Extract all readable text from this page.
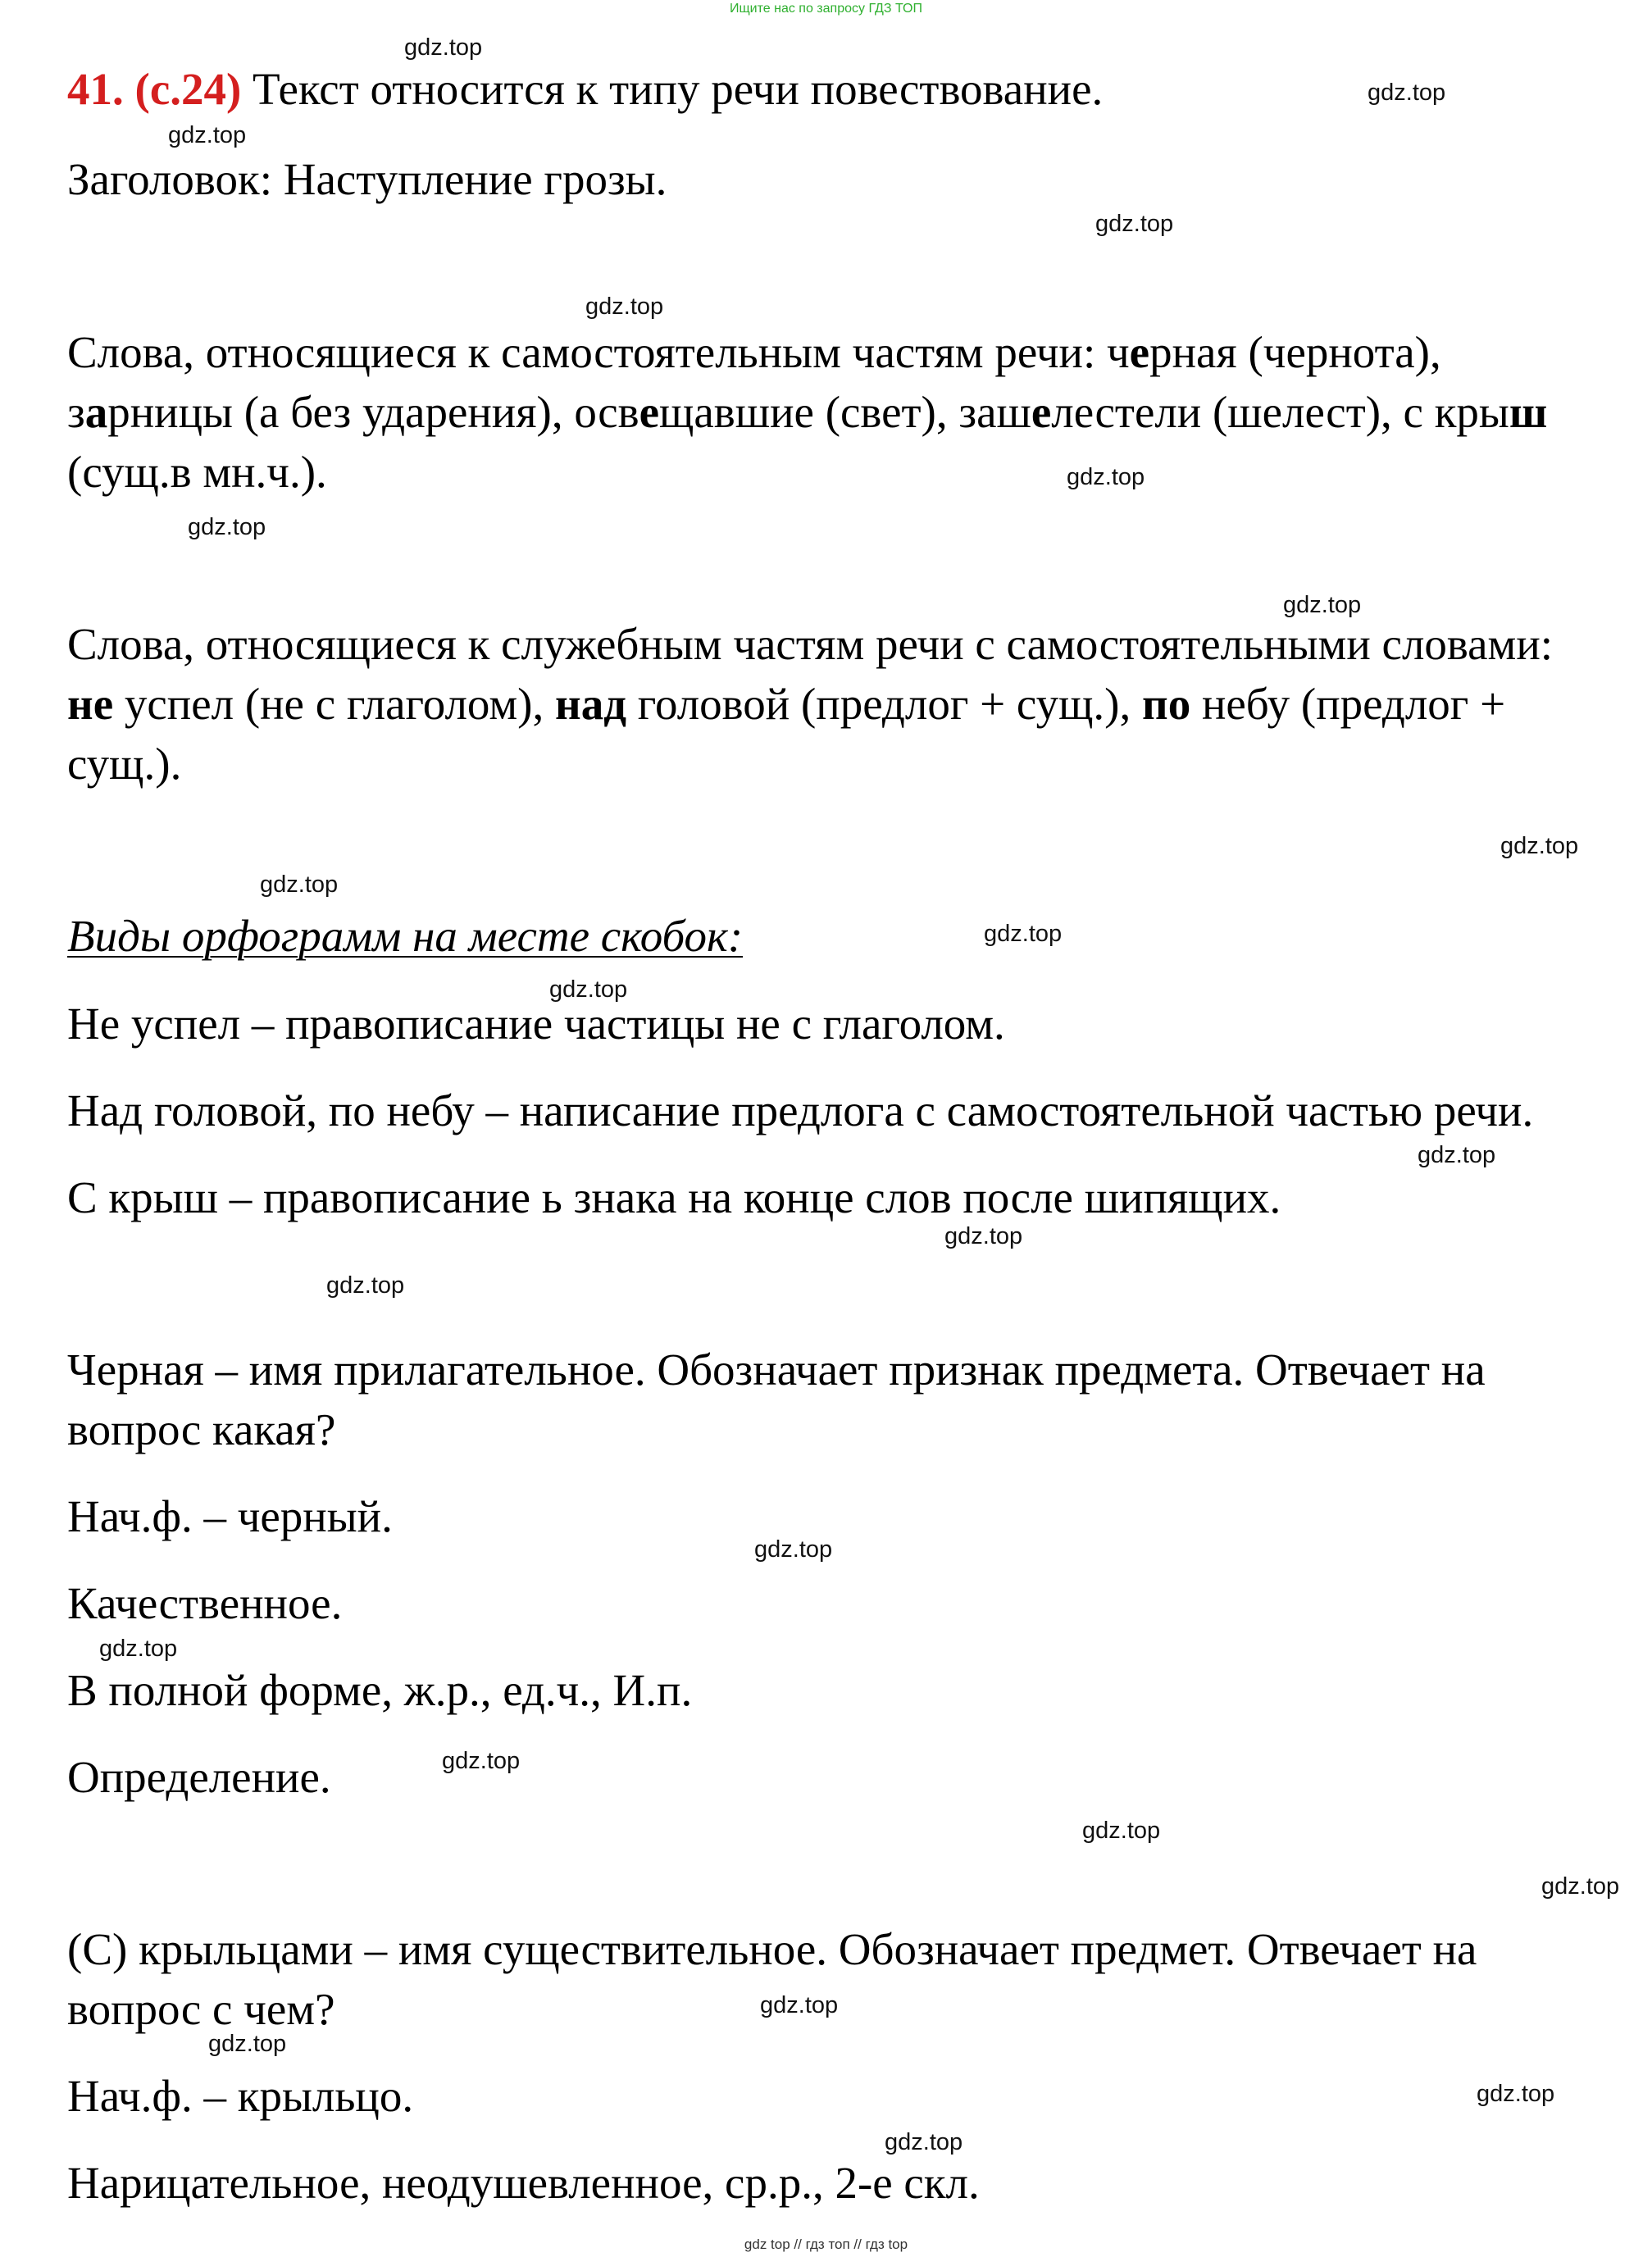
Ищите нас по запросу ГДЗ ТОП
41. (с.24) Текст относится к типу речи повествование.
Заголовок: Наступление грозы.
Слова, относящиеся к самостоятельным частям речи: черная (чернота),
зарницы (а без ударения), освещавшие (свет), зашелестели (шелест), с крыш
(сущ.в мн.ч.).
Слова, относящиеся к служебным частям речи с самостоятельными словами:
не успел (не с глаголом), над головой (предлог + сущ.), по небу (предлог +
сущ.).
Виды орфограмм на месте скобок:
Не успел – правописание частицы не с глаголом.
Над головой, по небу – написание предлога с самостоятельной частью речи.
С крыш – правописание ь знака на конце слов после шипящих.
Черная – имя прилагательное. Обозначает признак предмета. Отвечает на
вопрос какая?
Нач.ф. – черный.
Качественное.
В полной форме, ж.р., ед.ч., И.п.
Определение.
(С) крыльцами – имя существительное. Обозначает предмет. Отвечает на
вопрос с чем?
Нач.ф. – крыльцо.
Нарицательное, неодушевленное, ср.р., 2-е скл.
gdz.top
gdz.top
gdz.top
gdz.top
gdz.top
gdz.top
gdz.top
gdz.top
gdz.top
gdz.top
gdz.top
gdz.top
gdz.top
gdz.top
gdz.top
gdz.top
gdz.top
gdz.top
gdz.top
gdz.top
gdz.top
gdz.top
gdz.top
gdz.top
gdz top // гдз топ // гдз top
